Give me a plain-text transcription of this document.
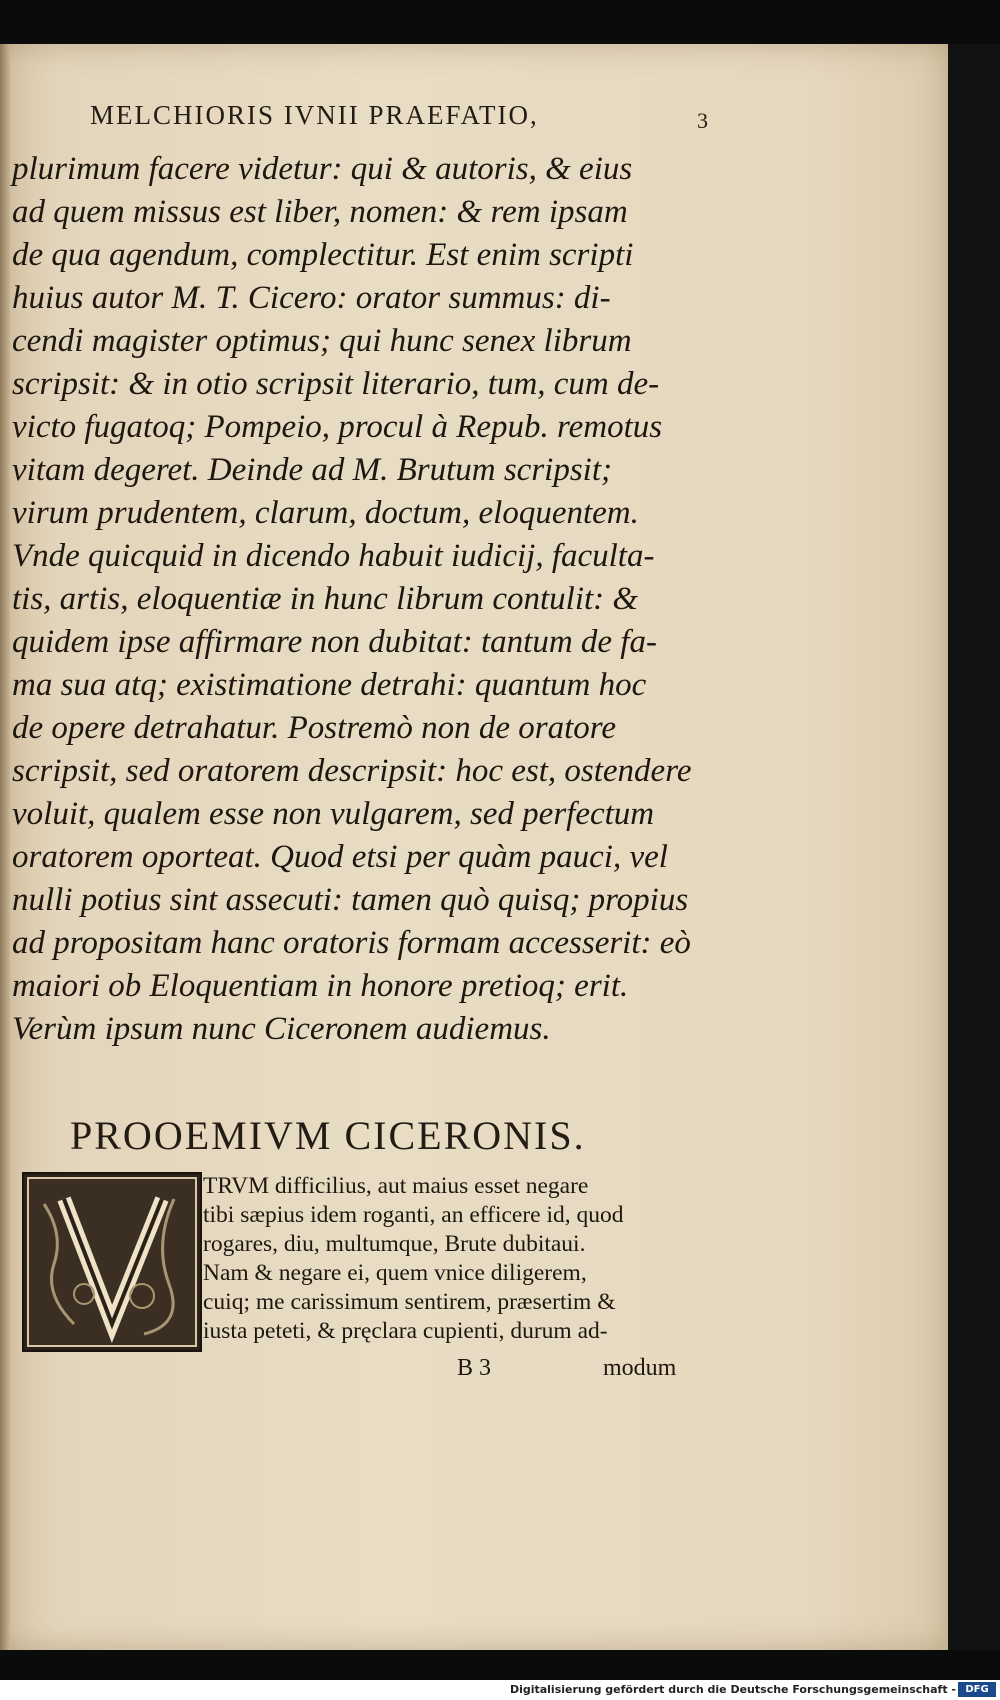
MELCHIORIS IVNII PRAEFATIO,	3
plurimum facere videtur: qui & autoris, & eius
ad quem missus est liber, nomen: & rem ipsam
de qua agendum, complectitur. Est enim scripti
huius autor M. T. Cicero: orator summus: di-
cendi magister optimus; qui hunc senex librum
scripsit: & in otio scripsit literario, tum, cum de-
victo fugatoq; Pompeio, procul à Repub. remotus
vitam degeret. Deinde ad M. Brutum scripsit;
virum prudentem, clarum, doctum, eloquentem.
Vnde quicquid in dicendo habuit iudicij, faculta-
tis, artis, eloquentiæ in hunc librum contulit: &
quidem ipse affirmare non dubitat: tantum de fa-
ma sua atq; existimatione detrahi: quantum hoc
de opere detrahatur. Postremò non de oratore
scripsit, sed oratorem descripsit: hoc est, ostendere
voluit, qualem esse non vulgarem, sed perfectum
oratorem oporteat. Quod etsi per quàm pauci, vel
nulli potius sint assecuti: tamen quò quisq; propius
ad propositam hanc oratoris formam accesserit: eò
maiori ob Eloquentiam in honore pretioq; erit.
Verùm ipsum nunc Ciceronem audiemus.
PROOEMIVM CICERONIS.
TRVM difficilius, aut maius esset negare
tibi sæpius idem roganti, an efficere id, quod
rogares, diu, multumque, Brute dubitaui.
Nam & negare ei, quem vnice diligerem,
cuiq; me carissimum sentirem, præsertim &
iusta peteti, & pręclara cupienti, durum ad-
B 3	modum
Digitalisierung gefördert durch die Deutsche Forschungsgemeinschaft - DFG
